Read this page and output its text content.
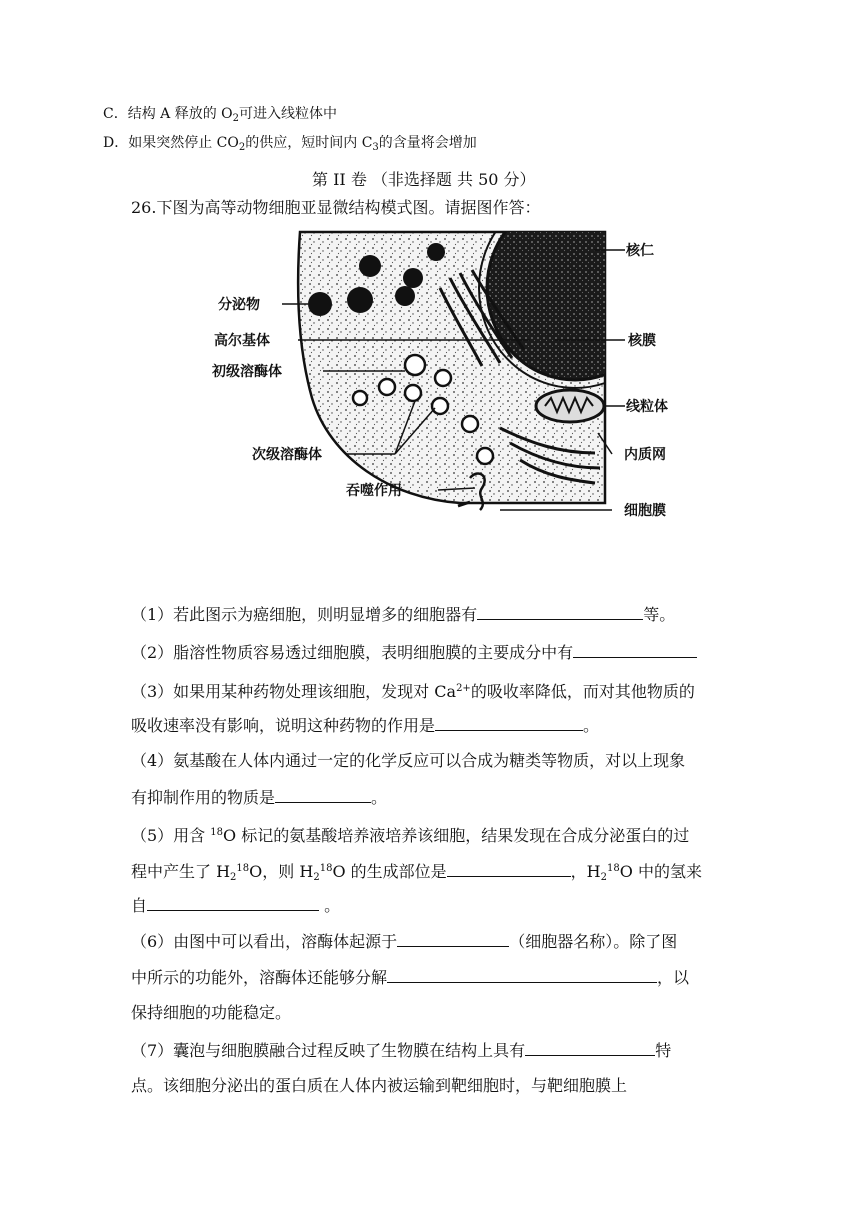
C．结构 A 释放的 $O_2$可进入线粒体中
D．如果突然停止 $CO_2$的供应，短时间内 $C_3$的含量将会增加
第 II 卷 （非选择题 共 50 分）
26.下图为高等动物细胞亚显微结构模式图。请据图作答：
核仁
分泌物
高尔基体	核膜
初级溶酶体
线粒体
次级溶酶体	内质网
吞噬作用
细胞膜
（1）若此图示为癌细胞，则明显增多的细胞器有	等。
（2）脂溶性物质容易透过细胞膜，表明细胞膜的主要成分中有
（3）如果用某种药物处理该细胞，发现对 $Ca^{2+}$的吸收率降低，而对其他物质的
吸收速率没有影响，说明这种药物的作用是	。
（4）氨基酸在人体内通过一定的化学反应可以合成为糖类等物质，对以上现象
有抑制作用的物质是	。
（5）用含 $^{18}$O 标记的氨基酸培养液培养该细胞，结果发现在合成分泌蛋白的过
程中产生了 $H_2^{18}O$，则 $H_2^{18}O$ 的生成部位是	，$H_2^{18}O$ 中的氢来
自	。
（6）由图中可以看出，溶酶体起源于	（细胞器名称）。除了图
中所示的功能外，溶酶体还能够分解	，以
保持细胞的功能稳定。
（7）囊泡与细胞膜融合过程反映了生物膜在结构上具有	特
点。该细胞分泌出的蛋白质在人体内被运输到靶细胞时，与靶细胞膜上
